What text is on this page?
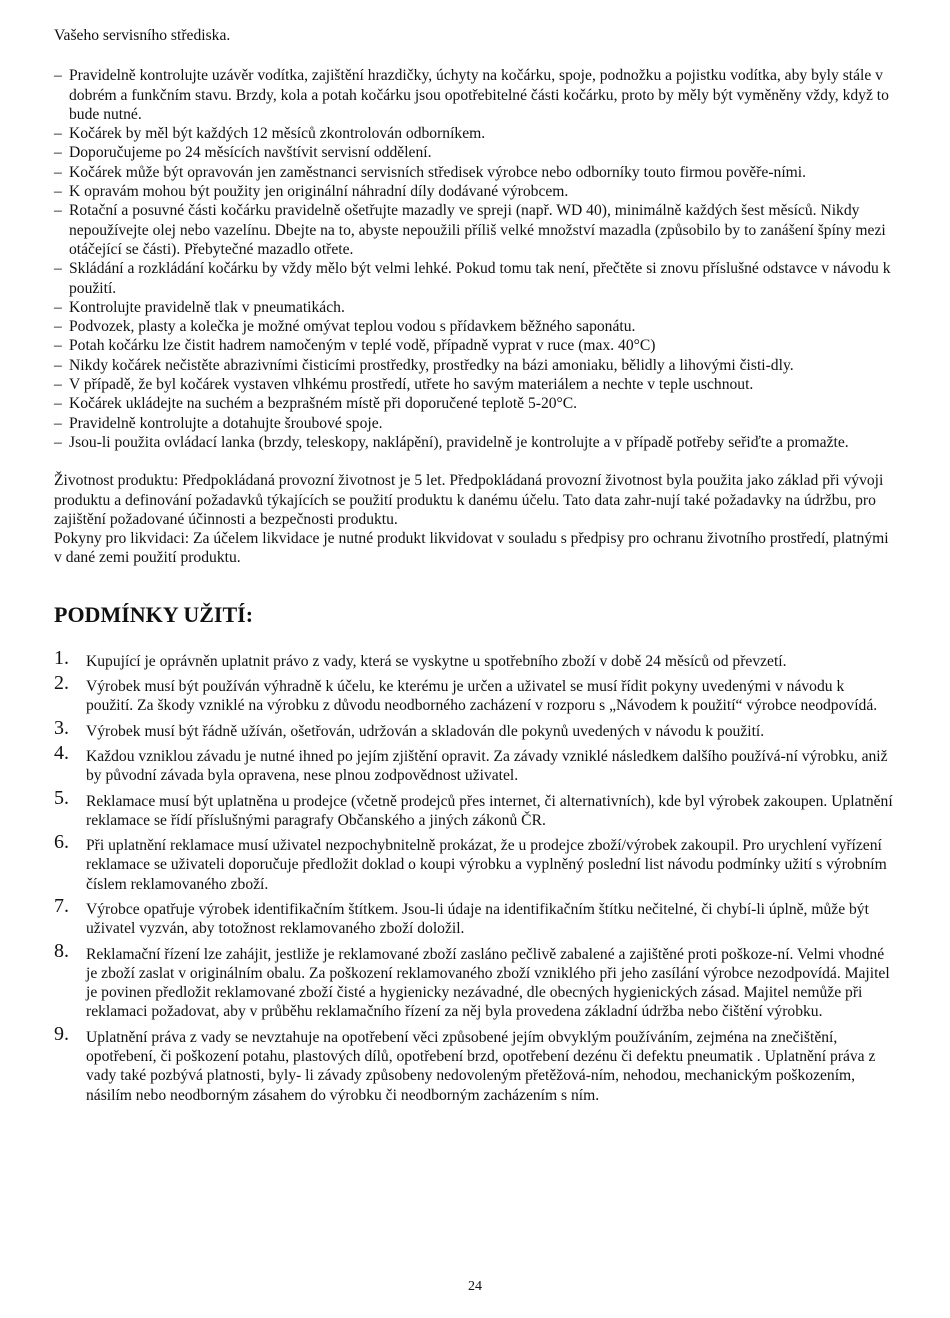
Vašeho servisního střediska.

– Pravidelně kontrolujte uzávěr vodítka, zajištění hrazdičky, úchyty na kočárku, spoje, podnožku a pojistku vodítka, aby byly stále v dobrém a funkčním stavu. Brzdy, kola a potah kočárku jsou opotřebitelné části kočárku, proto by měly být vyměněny vždy, když to bude nutné.
– Kočárek by měl být každých 12 měsíců zkontrolován odborníkem.
– Doporučujeme po 24 měsících navštívit servisní oddělení.
– Kočárek může být opravován jen zaměstnanci servisních středisek výrobce nebo odborníky touto firmou pověře-ními.
– K opravám mohou být použity jen originální náhradní díly dodávané výrobcem.
– Rotační a posuvné části kočárku pravidelně ošetřujte mazadly ve spreji (např. WD 40), minimálně každých šest měsíců. Nikdy nepoužívejte olej nebo vazelínu. Dbejte na to, abyste nepoužili příliš velké množství mazadla (způsobilo by to zanášení špíny mezi otáčející se části). Přebytečné mazadlo otřete.
– Skládání a rozkládání kočárku by vždy mělo být velmi lehké. Pokud tomu tak není, přečtěte si znovu příslušné odstavce v návodu k použití.
– Kontrolujte pravidelně tlak v pneumatikách.
– Podvozek, plasty a kolečka je možné omývat teplou vodou s přídavkem běžného saponátu.
– Potah kočárku lze čistit hadrem namočeným v teplé vodě, případně vyprat v ruce (max. 40°C)
– Nikdy kočárek nečistěte abrazivními čisticími prostředky, prostředky na bázi amoniaku, bělidly a lihovými čisti-dly.
– V případě, že byl kočárek vystaven vlhkému prostředí, utřete ho savým materiálem a nechte v teple uschnout.
– Kočárek ukládejte na suchém a bezprašném místě při doporučené teplotě 5-20°C.
– Pravidelně kontrolujte a dotahujte šroubové spoje.
– Jsou-li použita ovládací lanka (brzdy, teleskopy, naklápění), pravidelně je kontrolujte a v případě potřeby seřiďte a promažte.

Životnost produktu: Předpokládaná provozní životnost je 5 let. Předpokládaná provozní životnost byla použita jako základ při vývoji produktu a definování požadavků týkajících se použití produktu k danému účelu. Tato data zahr-nují také požadavky na údržbu, pro zajištění požadované účinnosti a bezpečnosti produktu.

Pokyny pro likvidaci: Za účelem likvidace je nutné produkt likvidovat v souladu s předpisy pro ochranu životního prostředí, platnými v dané zemi použití produktu.

PODMÍNKY UŽITÍ:
1. Kupující je oprávněn uplatnit právo z vady, která se vyskytne u spotřebního zboží v době 24 měsíců od převzetí.
2. Výrobek musí být používán výhradně k účelu, ke kterému je určen a uživatel se musí řídit pokyny uvedenými v návodu k použití. Za škody vzniklé na výrobku z důvodu neodborného zacházení v rozporu s „Návodem k použití“ výrobce neodpovídá.
3. Výrobek musí být řádně užíván, ošetřován, udržován a skladován dle pokynů uvedených v návodu k použití.
4. Každou vzniklou závadu je nutné ihned po jejím zjištění opravit. Za závady vzniklé následkem dalšího používá-ní výrobku, aniž by původní závada byla opravena, nese plnou zodpovědnost uživatel.
5. Reklamace musí být uplatněna u prodejce (včetně prodejců přes internet, či alternativních), kde byl výrobek zakoupen. Uplatnění reklamace se řídí příslušnými paragrafy Občanského a jiných zákonů ČR.
6. Při uplatnění reklamace musí uživatel nezpochybnitelně prokázat, že u prodejce zboží/výrobek zakoupil. Pro urychlení vyřízení reklamace se uživateli doporučuje předložit doklad o koupi výrobku a vyplněný poslední list návodu podmínky užití s výrobním číslem reklamovaného zboží.
7. Výrobce opatřuje výrobek identifikačním štítkem. Jsou-li údaje na identifikačním štítku nečitelné, či chybí-li úplně, může být uživatel vyzván, aby totožnost reklamovaného zboží doložil.
8. Reklamační řízení lze zahájit, jestliže je reklamované zboží zasláno pečlivě zabalené a zajištěné proti poškoze-ní. Velmi vhodné je zboží zaslat v originálním obalu. Za poškození reklamovaného zboží vzniklého při jeho zasílání výrobce nezodpovídá. Majitel je povinen předložit reklamované zboží čisté a hygienicky nezávadné, dle obecných hygienických zásad. Majitel nemůže při reklamaci požadovat, aby v průběhu reklamačního řízení za něj byla provedena základní údržba nebo čištění výrobku.
9. Uplatnění práva z vady se nevztahuje na opotřebení věci způsobené jejím obvyklým používáním, zejména na znečištění, opotřebení, či poškození potahu, plastových dílů, opotřebení brzd, opotřebení dezénu či defektu pneumatik . Uplatnění práva z vady také pozbývá platnosti, byly- li závady způsobeny nedovoleným přetěžová-ním, nehodou, mechanickým poškozením, násilím nebo neodborným zásahem do výrobku či neodborným zacházením s ním.
24
